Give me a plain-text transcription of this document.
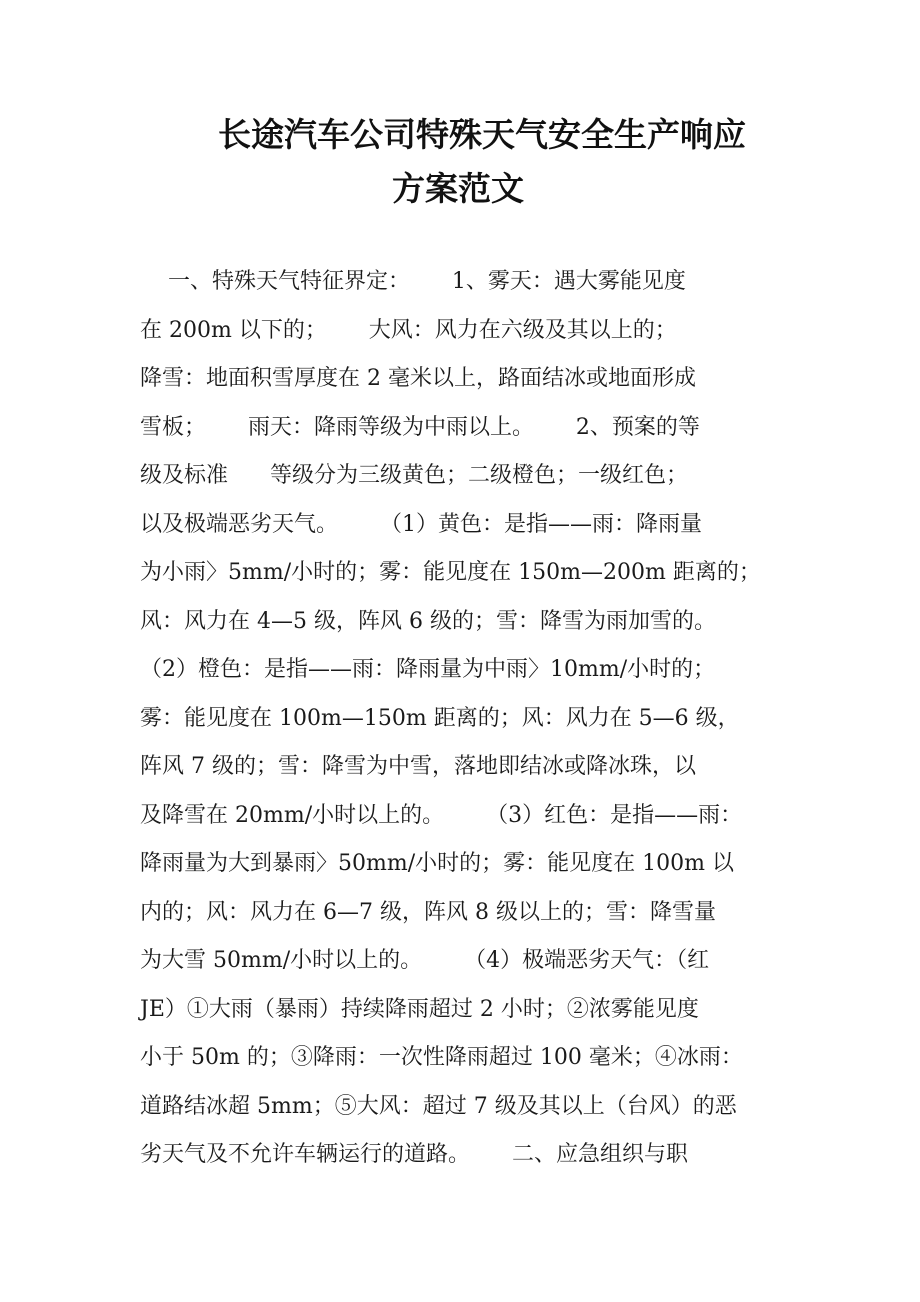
长途汽车公司特殊天气安全生产响应
方案范文
一、特殊天气特征界定：      1、雾天：遇大雾能见度
在 200m 以下的；      大风：风力在六级及其以上的；
降雪：地面积雪厚度在 2 毫米以上，路面结冰或地面形成
雪板；      雨天：降雨等级为中雨以上。      2、预案的等
级及标准      等级分为三级黄色；二级橙色；一级红色；
以及极端恶劣天气。      （1）黄色：是指——雨：降雨量
为小雨〉5mm/小时的；雾：能见度在 150m—200m 距离的；
风：风力在 4—5 级，阵风 6 级的；雪：降雪为雨加雪的。
（2）橙色：是指——雨：降雨量为中雨〉10mm/小时的；
雾：能见度在 100m—150m 距离的；风：风力在 5—6 级，
阵风 7 级的；雪：降雪为中雪，落地即结冰或降冰珠，以
及降雪在 20mm/小时以上的。      （3）红色：是指——雨：
降雨量为大到暴雨〉50mm/小时的；雾：能见度在 100m 以
内的；风：风力在 6—7 级，阵风 8 级以上的；雪：降雪量
为大雪 50mm/小时以上的。      （4）极端恶劣天气：（红
JE）①大雨（暴雨）持续降雨超过 2 小时；②浓雾能见度
小于 50m 的；③降雨：一次性降雨超过 100 毫米；④冰雨：
道路结冰超 5mm；⑤大风：超过 7 级及其以上（台风）的恶
劣天气及不允许车辆运行的道路。      二、应急组织与职
